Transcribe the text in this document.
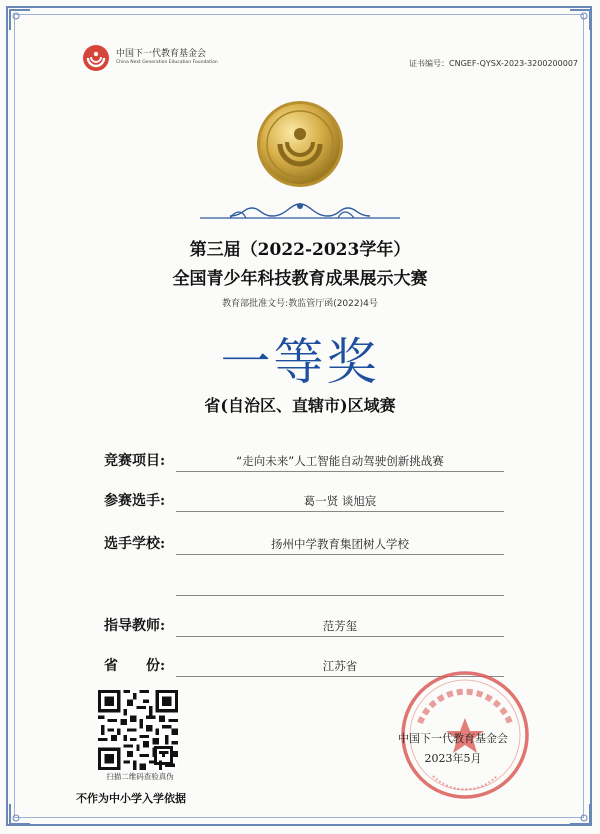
中国下一代教育基金会
China Next Generation Education Foundation	证书编号：CNGEF-QYSX-2023-3200200007
第三届（2022-2023学年）
全国青少年科技教育成果展示大赛
教育部批准文号:教监管厅函(2022)4号
一等奖
省(自治区、直辖市)区域赛
竞赛项目:	“走向未来”人工智能自动驾驶创新挑战赛
参赛选手:	葛一贤 谈旭宸
选手学校:	扬州中学教育集团树人学校
指导教师:	范芳玺
省　　份:	江苏省
扫描二维码查验真伪
不作为中小学入学依据
中国下一代教育基金会
2023年5月
